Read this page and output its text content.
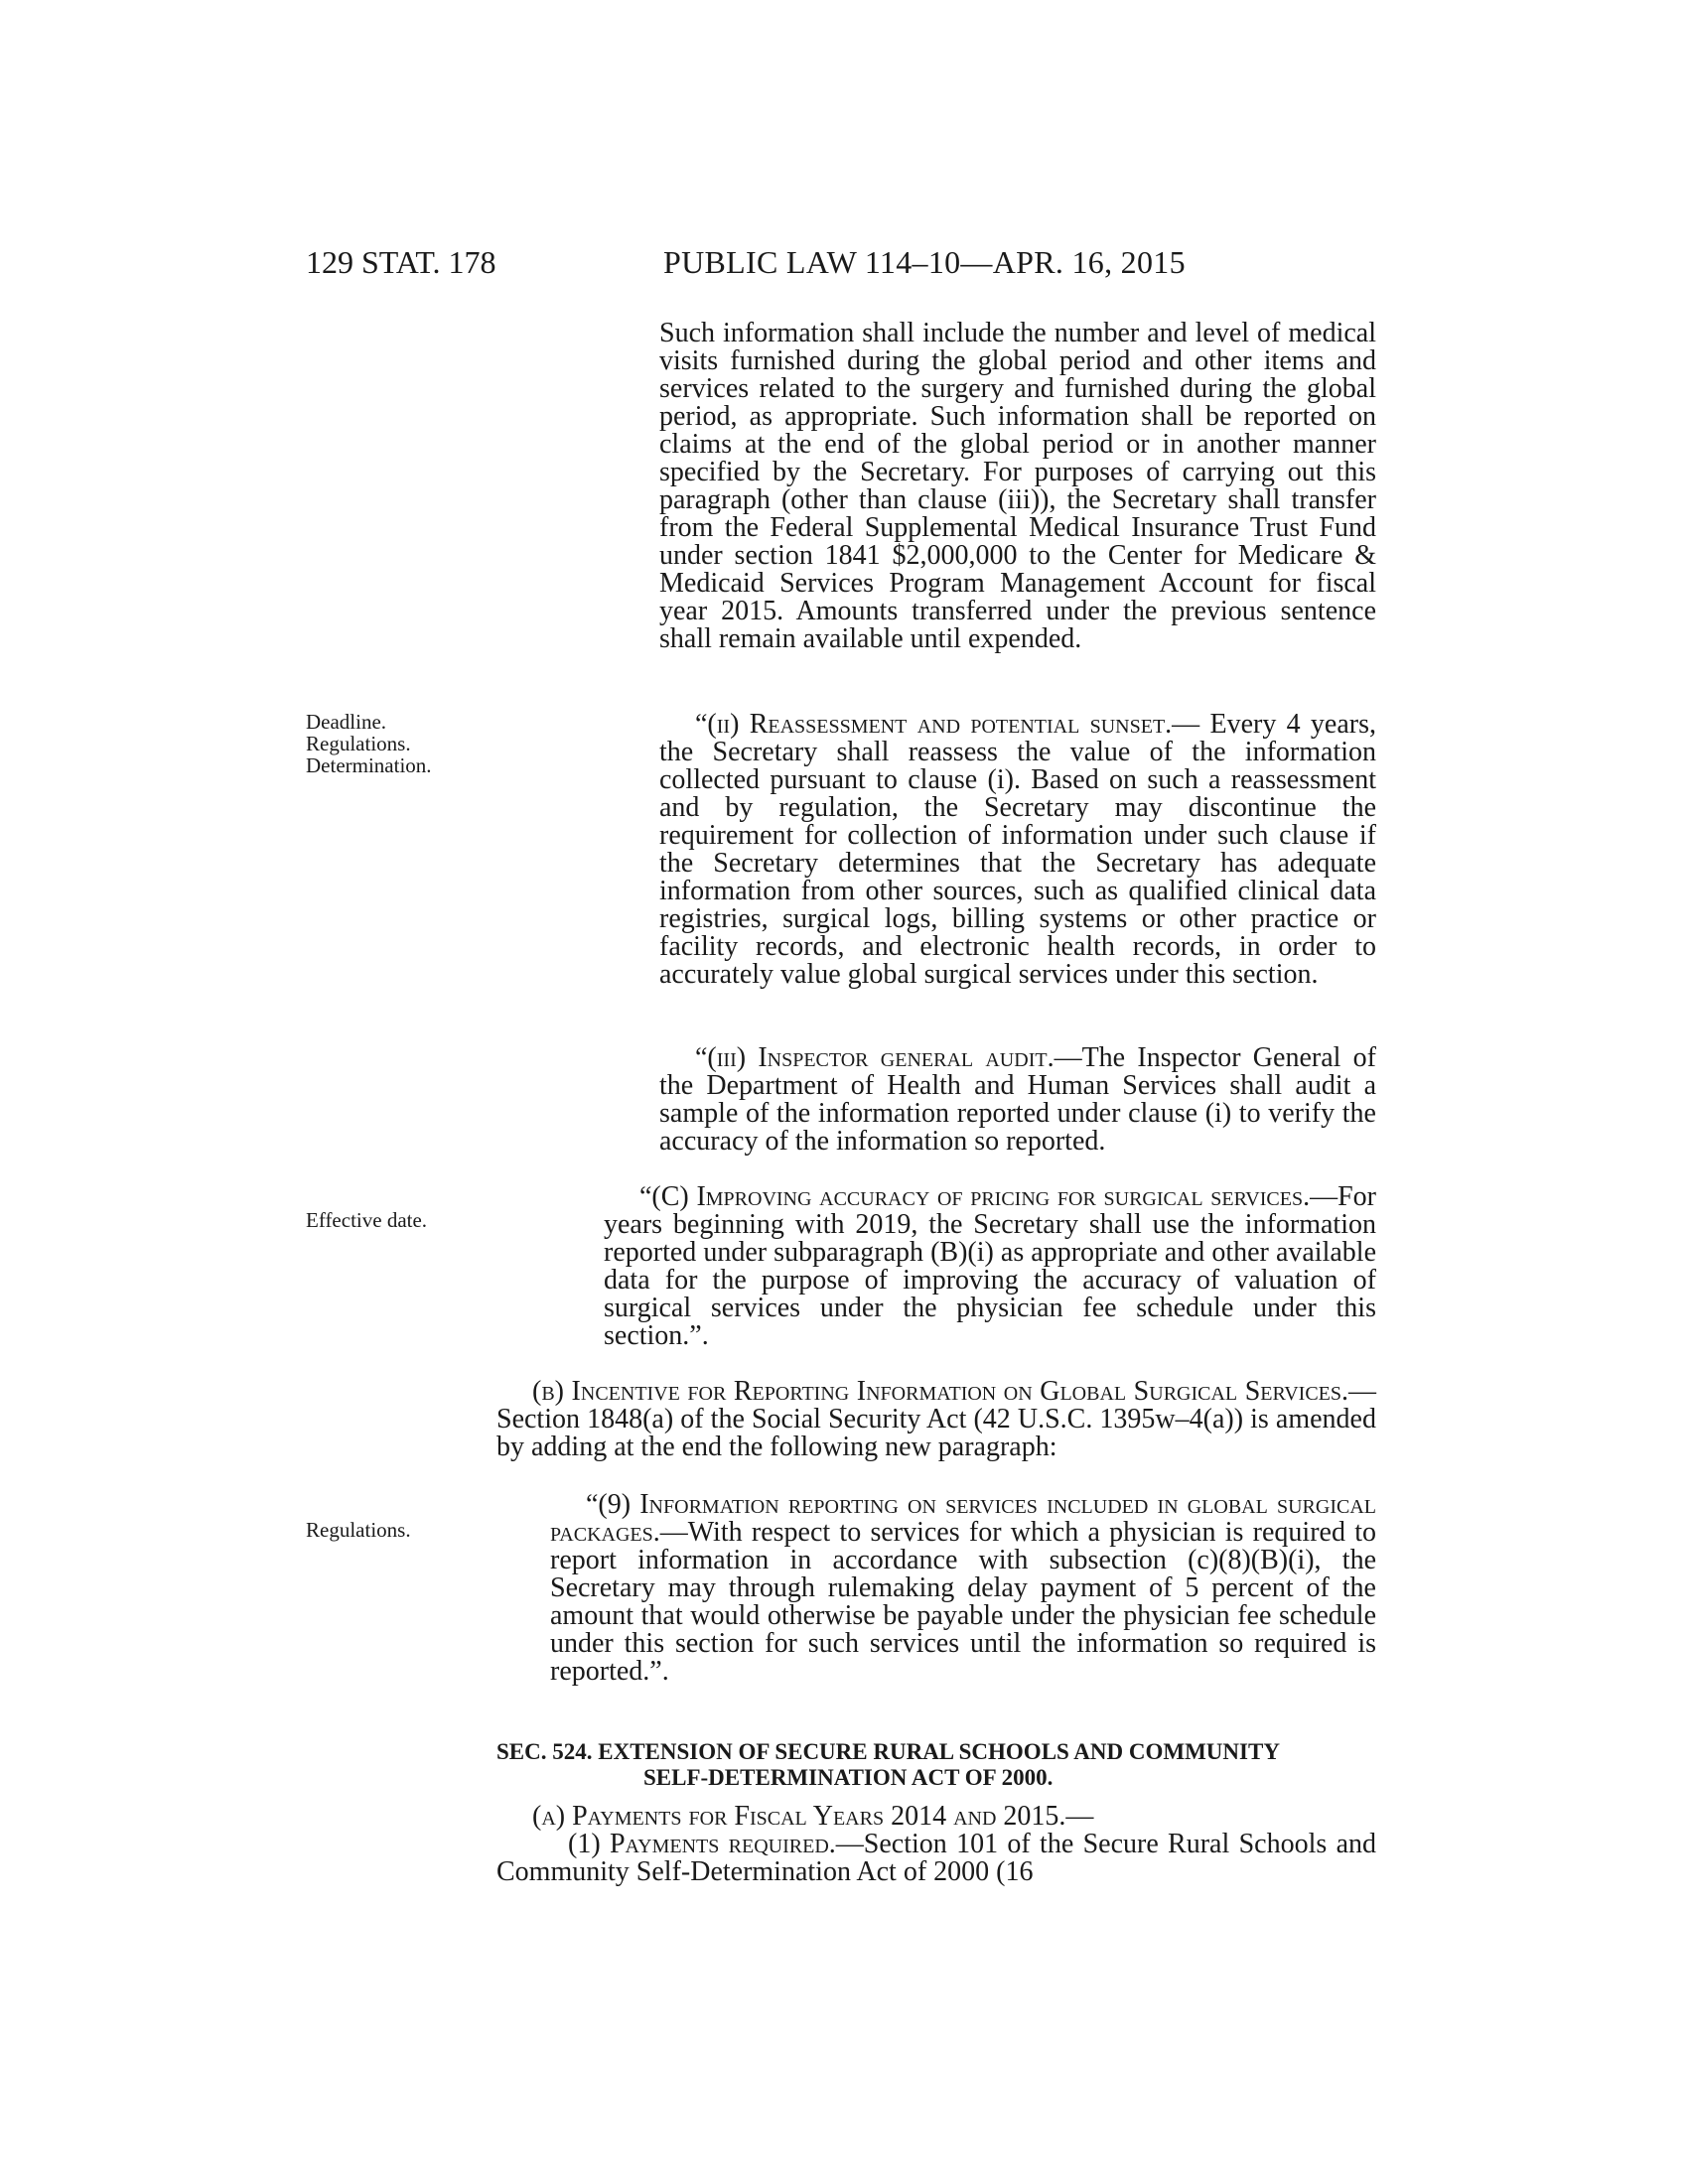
129 STAT. 178	PUBLIC LAW 114–10—APR. 16, 2015
Deadline.
Regulations.
Determination.
Effective date.
Regulations.

Such information shall include the number and level of medical visits furnished during the global period and other items and services related to the surgery and furnished during the global period, as appropriate. Such information shall be reported on claims at the end of the global period or in another manner specified by the Secretary. For purposes of carrying out this paragraph (other than clause (iii)), the Secretary shall transfer from the Federal Supplemental Medical Insurance Trust Fund under section 1841 $2,000,000 to the Center for Medicare & Medicaid Services Program Management Account for fiscal year 2015. Amounts transferred under the previous sentence shall remain available until expended.

“(ii) Reassessment and potential sunset.— Every 4 years, the Secretary shall reassess the value of the information collected pursuant to clause (i). Based on such a reassessment and by regulation, the Secretary may discontinue the requirement for collection of information under such clause if the Secretary determines that the Secretary has adequate information from other sources, such as qualified clinical data registries, surgical logs, billing systems or other practice or facility records, and electronic health records, in order to accurately value global surgical services under this section.

“(iii) Inspector general audit.—The Inspector General of the Department of Health and Human Services shall audit a sample of the information reported under clause (i) to verify the accuracy of the information so reported.

“(C) Improving accuracy of pricing for surgical services.—For years beginning with 2019, the Secretary shall use the information reported under subparagraph (B)(i) as appropriate and other available data for the purpose of improving the accuracy of valuation of surgical services under the physician fee schedule under this section.”.

(b) Incentive for Reporting Information on Global Surgical Services.—Section 1848(a) of the Social Security Act (42 U.S.C. 1395w–4(a)) is amended by adding at the end the following new paragraph:

“(9) Information reporting on services included in global surgical packages.—With respect to services for which a physician is required to report information in accordance with subsection (c)(8)(B)(i), the Secretary may through rulemaking delay payment of 5 percent of the amount that would otherwise be payable under the physician fee schedule under this section for such services until the information so required is reported.”.

SEC. 524. EXTENSION OF SECURE RURAL SCHOOLS AND COMMUNITY
SELF-DETERMINATION ACT OF 2000.

(a) Payments for Fiscal Years 2014 and 2015.—

(1) Payments required.—Section 101 of the Secure Rural Schools and Community Self-Determination Act of 2000 (16
